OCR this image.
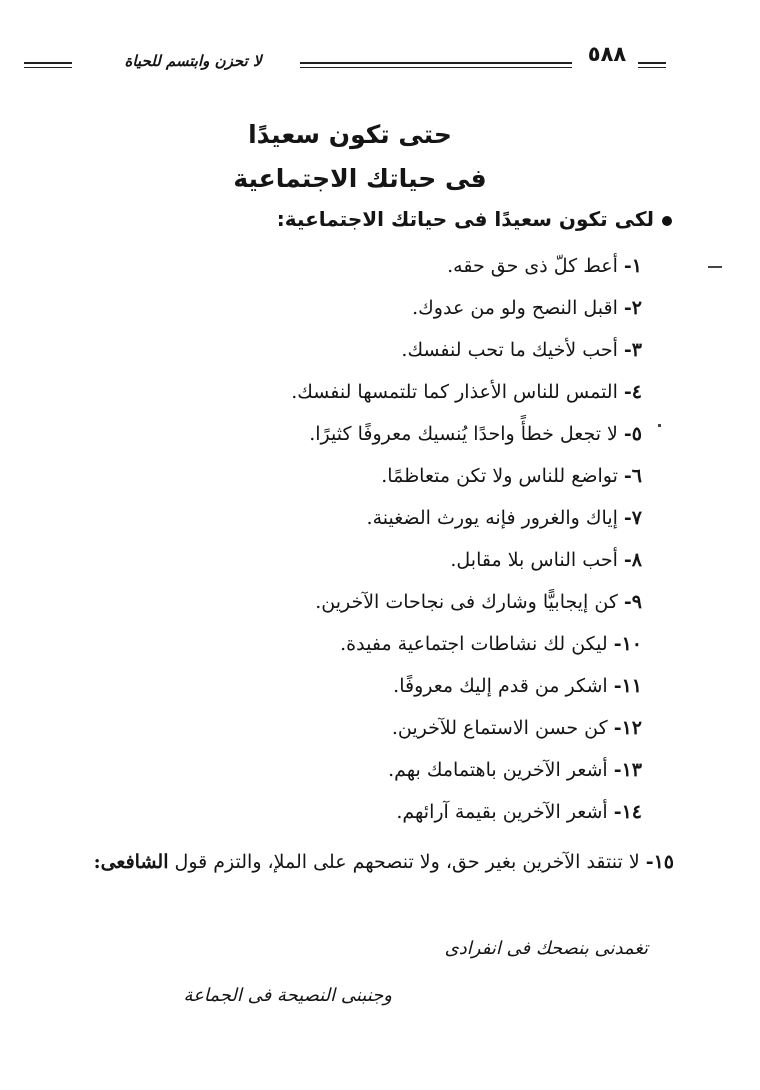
لا تحزن وابتسم للحياة	٥٨٨
حتى تكون سعيدًا
فى حياتك الاجتماعية
لكى تكون سعيدًا فى حياتك الاجتماعية:
١-أعط كلّ ذى حق حقه.
٢-اقبل النصح ولو من عدوك.
٣-أحب لأخيك ما تحب لنفسك.
٤-التمس للناس الأعذار كما تلتمسها لنفسك.
٥-لا تجعل خطأً واحدًا يُنسيك معروفًا كثيرًا.
٦-تواضع للناس ولا تكن متعاظمًا.
٧-إياك والغرور فإنه يورث الضغينة.
٨-أحب الناس بلا مقابل.
٩-كن إيجابيًّا وشارك فى نجاحات الآخرين.
١٠-ليكن لك نشاطات اجتماعية مفيدة.
١١-اشكر من قدم إليك معروفًا.
١٢-كن حسن الاستماع للآخرين.
١٣-أشعر الآخرين باهتمامك بهم.
١٤-أشعر الآخرين بقيمة آرائهم.
١٥-لا تنتقد الآخرين بغير حق، ولا تنصحهم على الملإ، والتزم قول الشافعى:
تغمدنى بنصحك فى انفرادى
وجنبنى النصيحة فى الجماعة
